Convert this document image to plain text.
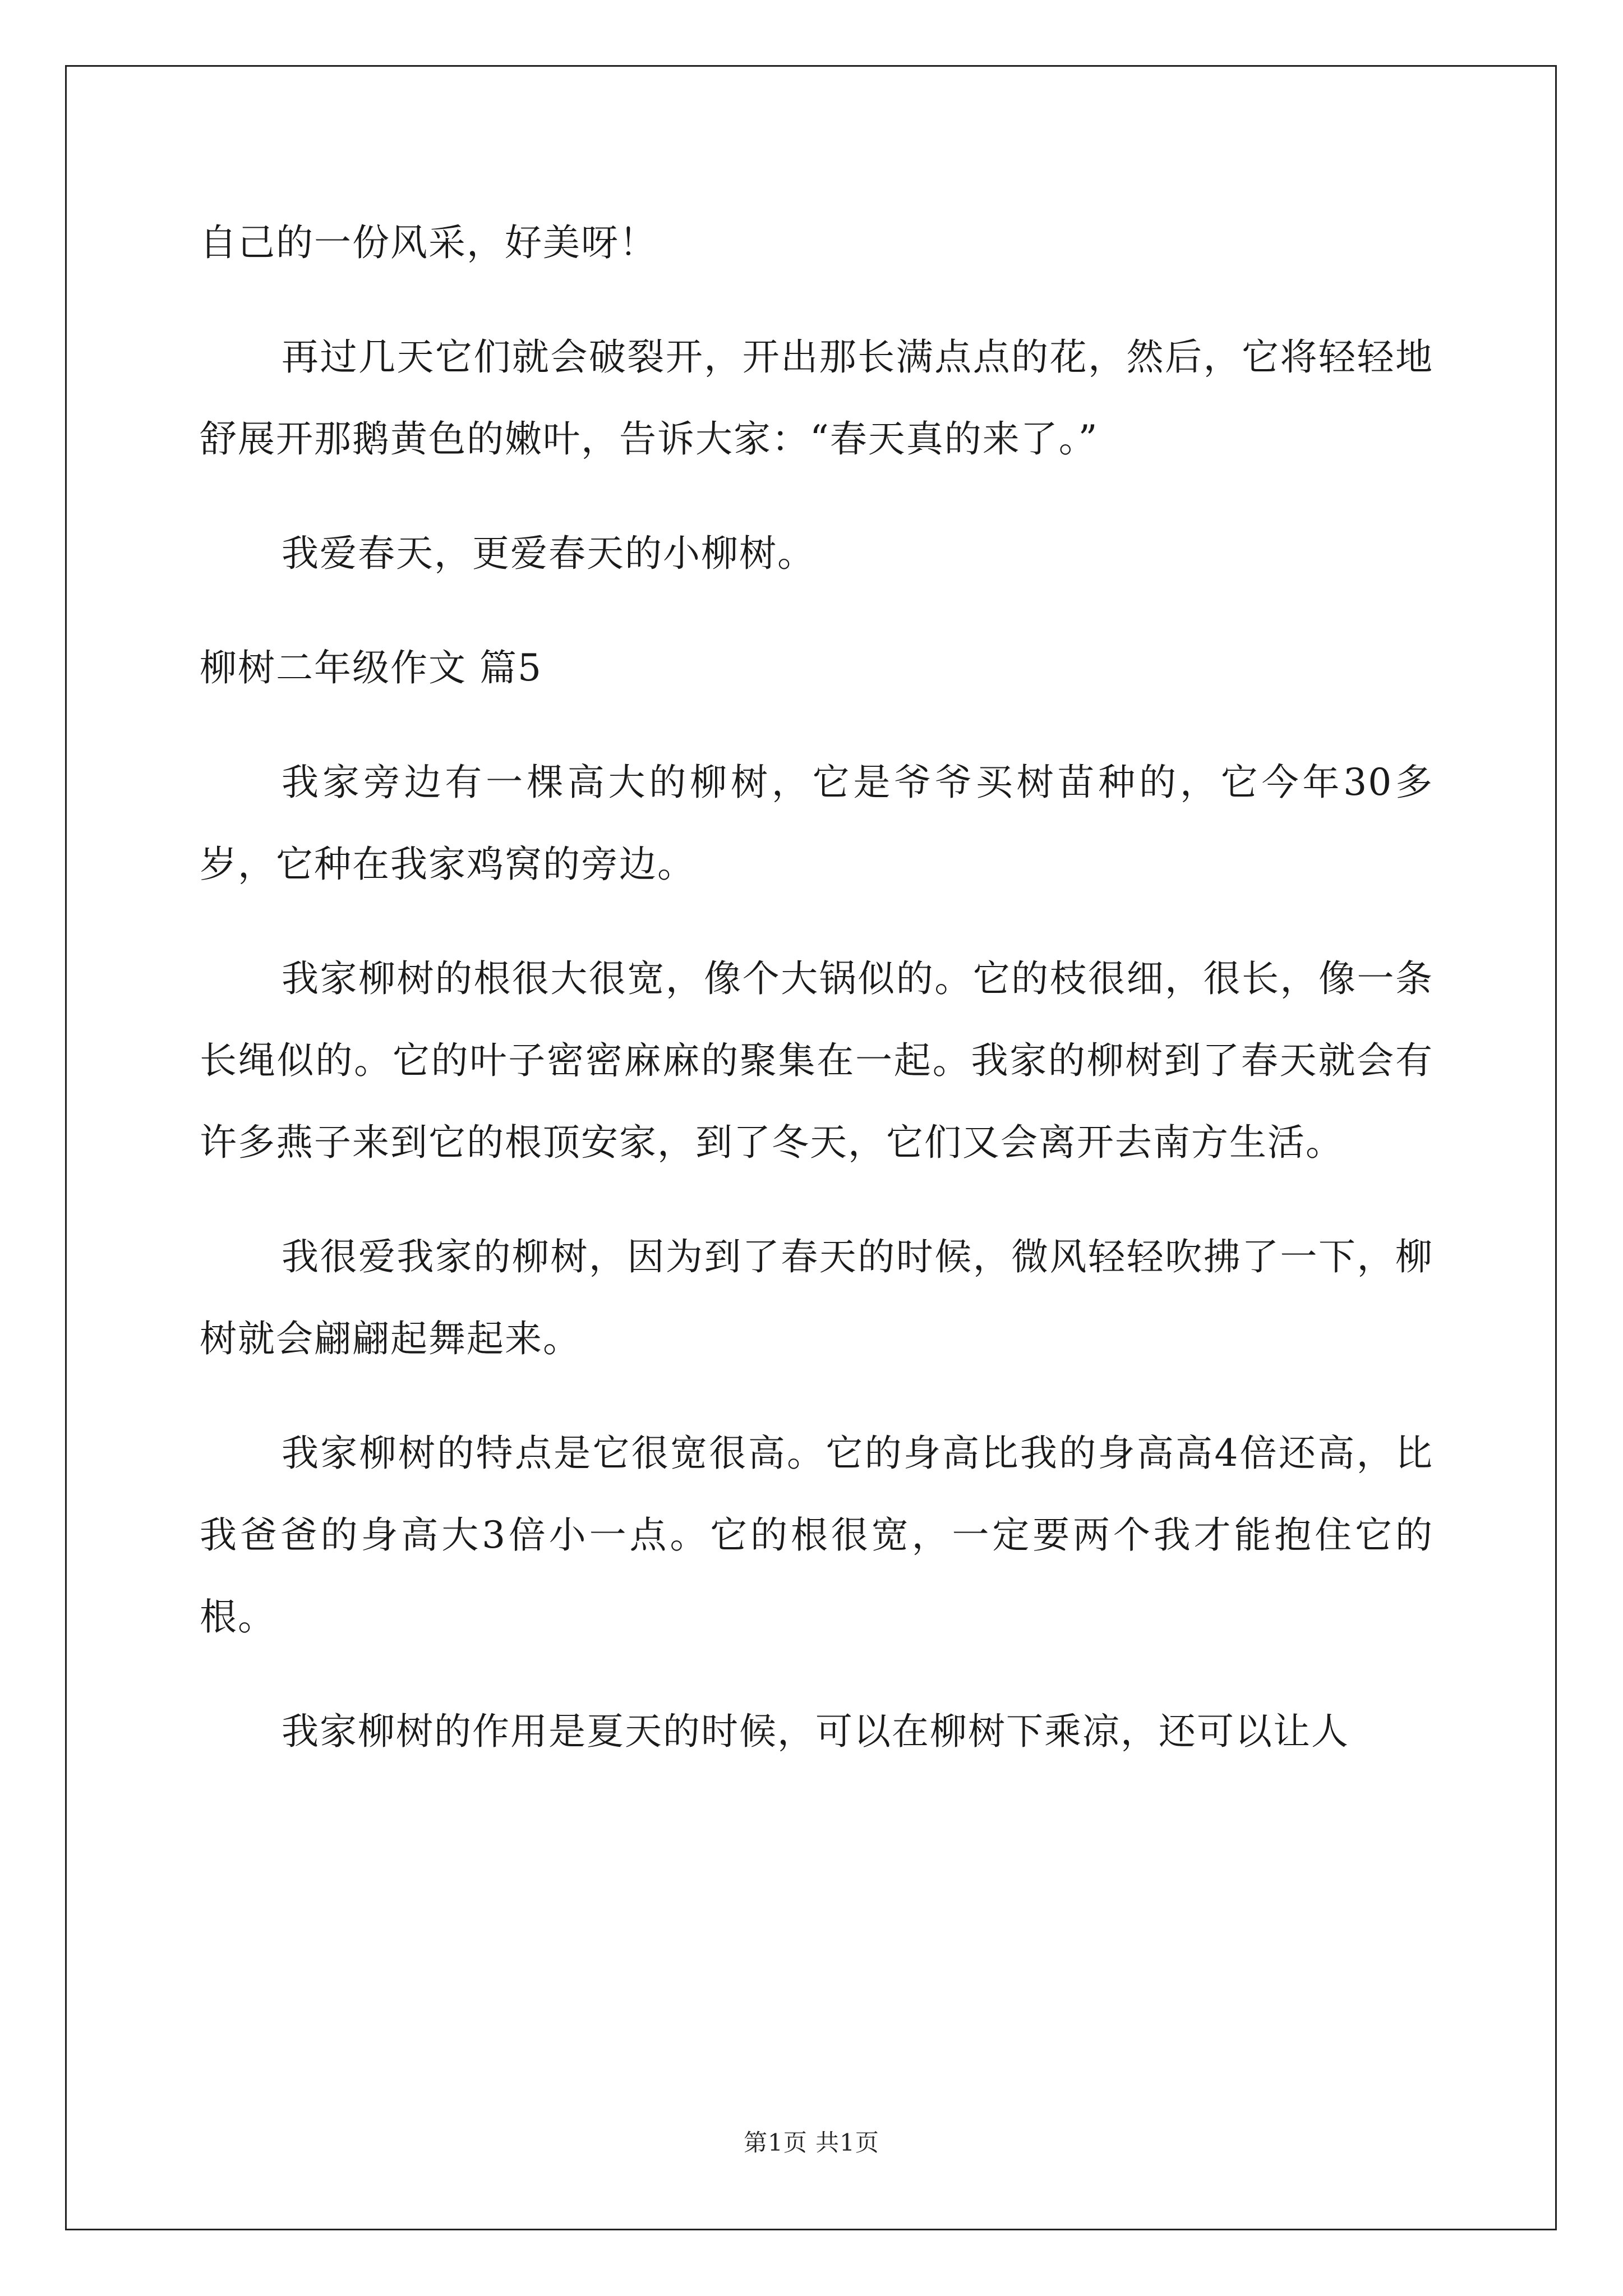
自己的一份风采，好美呀！

再过几天它们就会破裂开，开出那长满点点的花，然后，它将轻轻地舒展开那鹅黄色的嫩叶，告诉大家：“春天真的来了。”

我爱春天，更爱春天的小柳树。

柳树二年级作文 篇5

我家旁边有一棵高大的柳树，它是爷爷买树苗种的，它今年30多岁，它种在我家鸡窝的旁边。

我家柳树的根很大很宽，像个大锅似的。它的枝很细，很长，像一条长绳似的。它的叶子密密麻麻的聚集在一起。我家的柳树到了春天就会有许多燕子来到它的根顶安家，到了冬天，它们又会离开去南方生活。

我很爱我家的柳树，因为到了春天的时候，微风轻轻吹拂了一下，柳树就会翩翩起舞起来。

我家柳树的特点是它很宽很高。它的身高比我的身高高4倍还高，比我爸爸的身高大3倍小一点。它的根很宽，一定要两个我才能抱住它的根。

我家柳树的作用是夏天的时候，可以在柳树下乘凉，还可以让人

第1页 共1页
